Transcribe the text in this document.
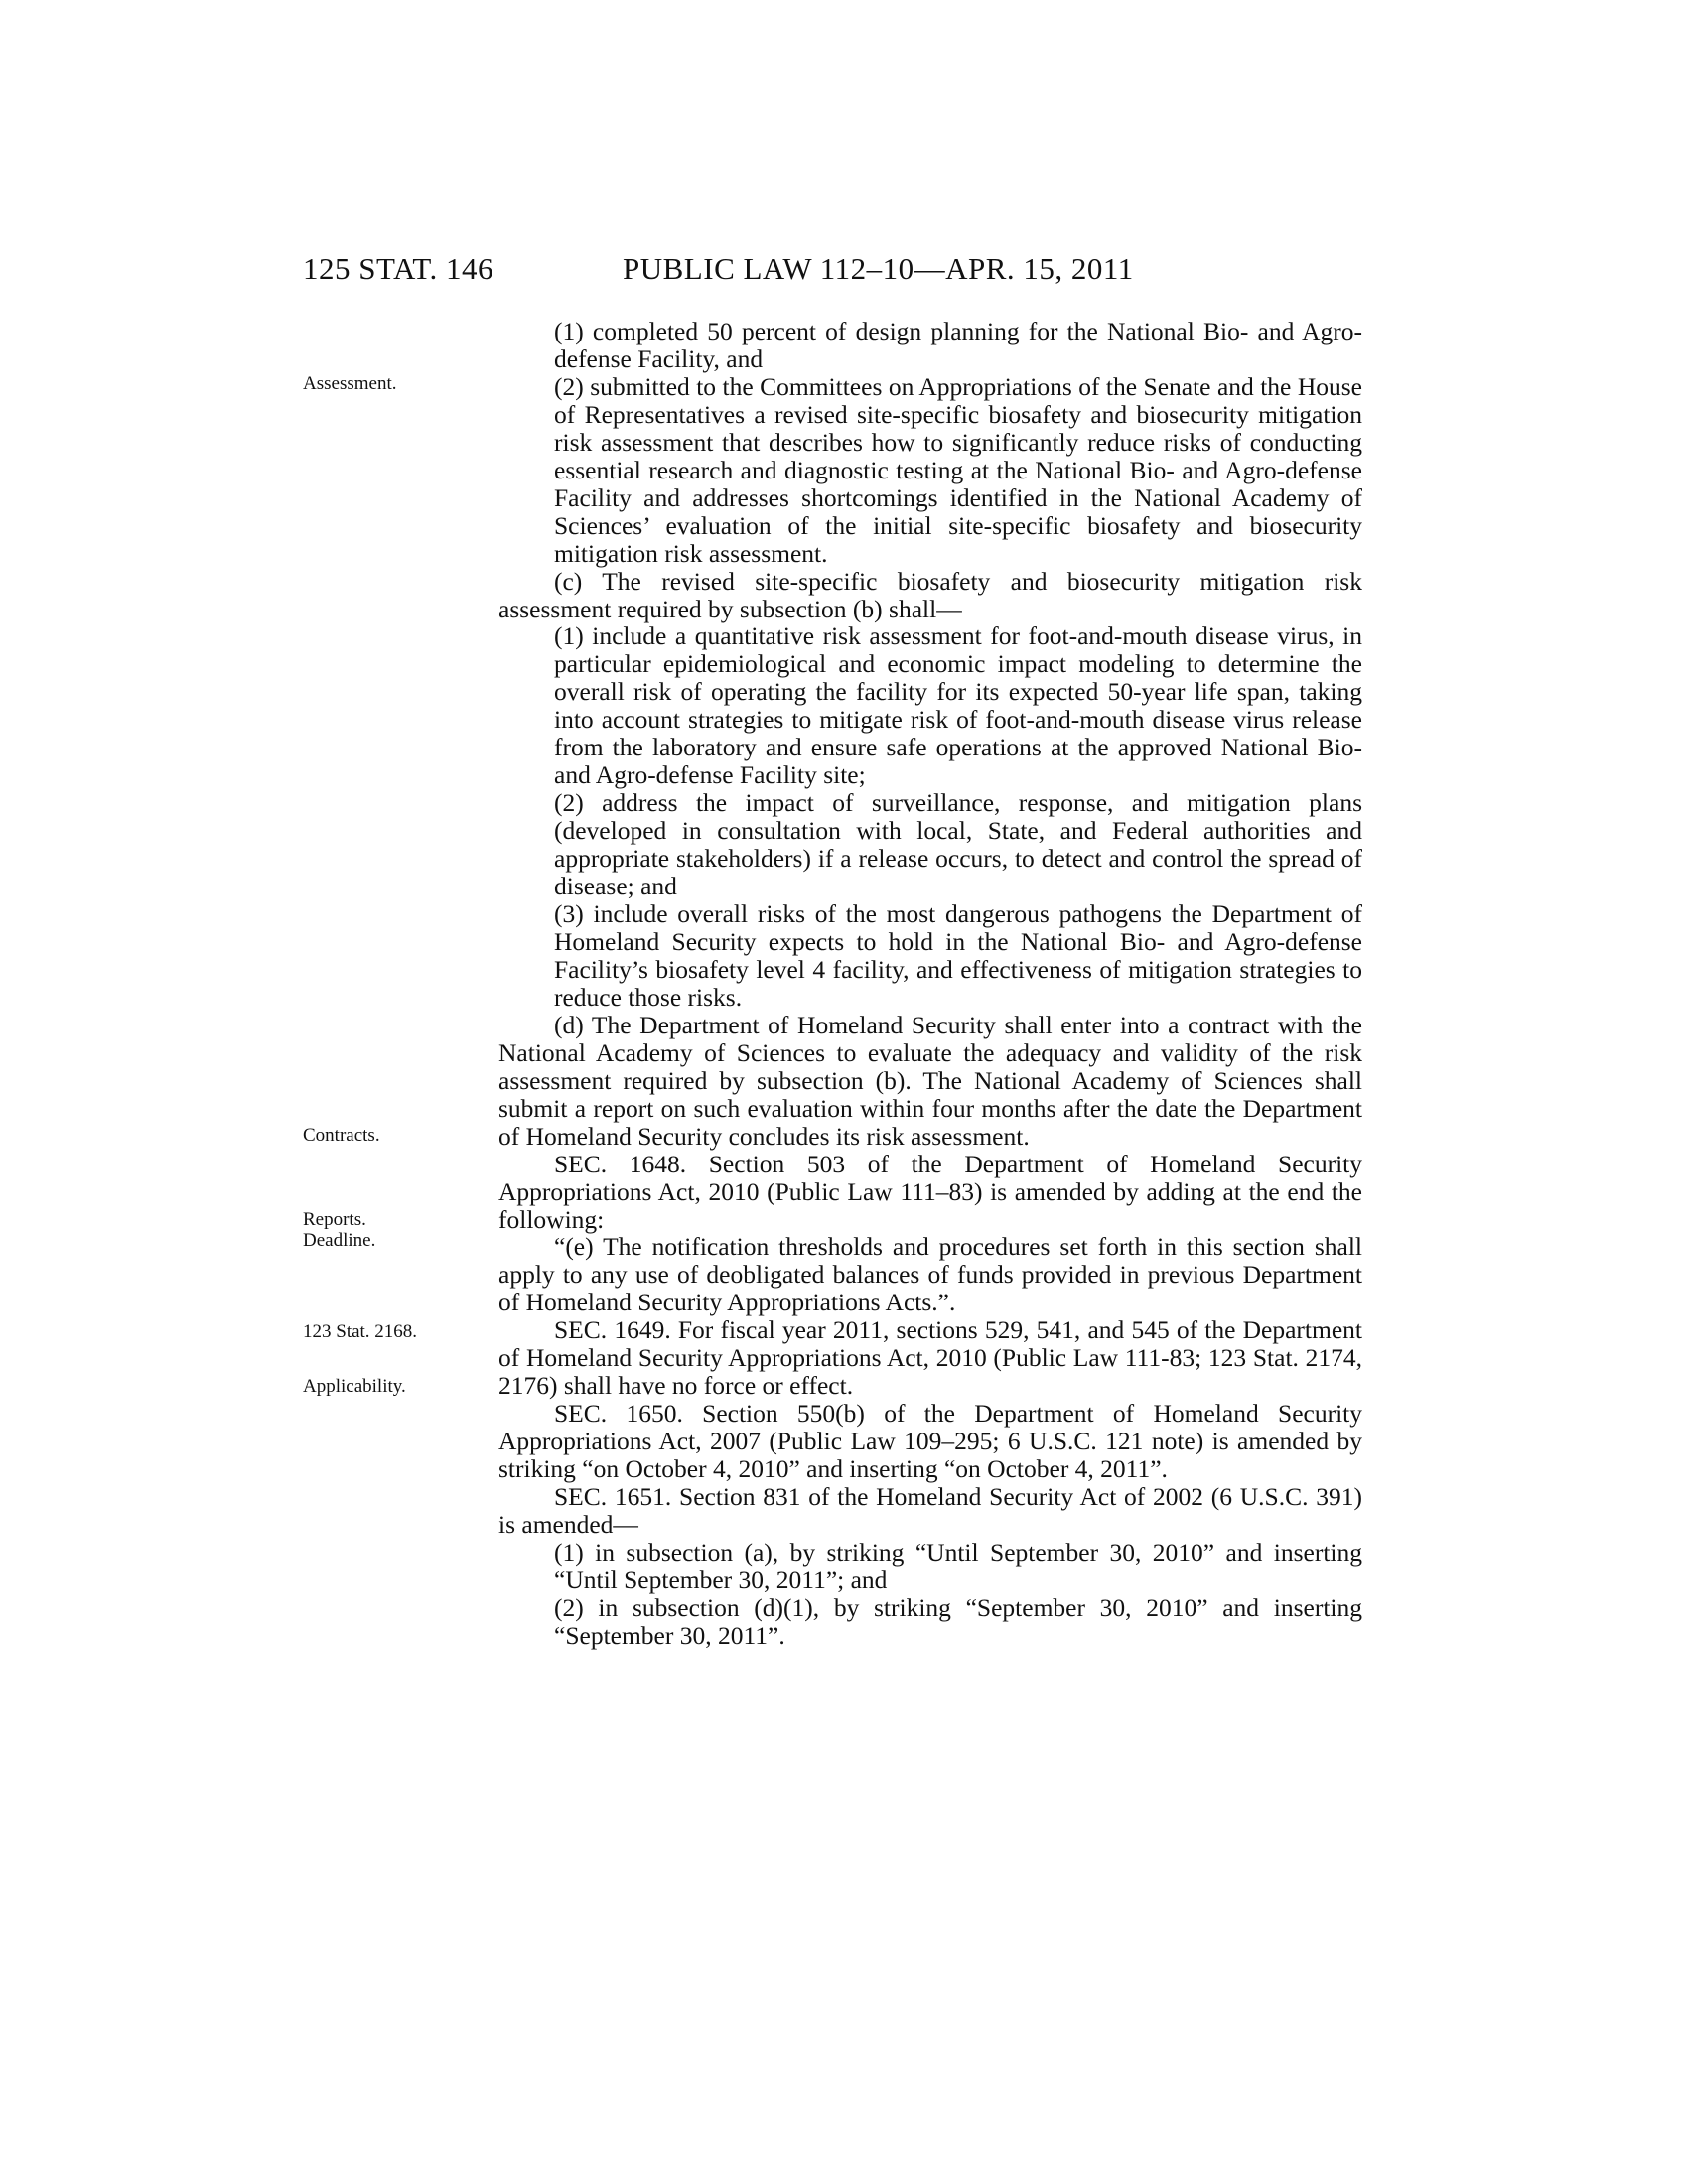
125 STAT. 146	PUBLIC LAW 112–10—APR. 15, 2011
Assessment.
Contracts.
Reports.
Deadline.
123 Stat. 2168.
Applicability.

(1) completed 50 percent of design planning for the National Bio- and Agro-defense Facility, and

(2) submitted to the Committees on Appropriations of the Senate and the House of Representatives a revised site-specific biosafety and biosecurity mitigation risk assessment that describes how to significantly reduce risks of conducting essential research and diagnostic testing at the National Bio- and Agro-defense Facility and addresses shortcomings identified in the National Academy of Sciences’ evaluation of the initial site-specific biosafety and biosecurity mitigation risk assessment.

(c) The revised site-specific biosafety and biosecurity mitigation risk assessment required by subsection (b) shall—

(1) include a quantitative risk assessment for foot-and-mouth disease virus, in particular epidemiological and economic impact modeling to determine the overall risk of operating the facility for its expected 50-year life span, taking into account strategies to mitigate risk of foot-and-mouth disease virus release from the laboratory and ensure safe operations at the approved National Bio- and Agro-defense Facility site;

(2) address the impact of surveillance, response, and mitigation plans (developed in consultation with local, State, and Federal authorities and appropriate stakeholders) if a release occurs, to detect and control the spread of disease; and

(3) include overall risks of the most dangerous pathogens the Department of Homeland Security expects to hold in the National Bio- and Agro-defense Facility’s biosafety level 4 facility, and effectiveness of mitigation strategies to reduce those risks.

(d) The Department of Homeland Security shall enter into a contract with the National Academy of Sciences to evaluate the adequacy and validity of the risk assessment required by subsection (b). The National Academy of Sciences shall submit a report on such evaluation within four months after the date the Department of Homeland Security concludes its risk assessment.

SEC. 1648. Section 503 of the Department of Homeland Security Appropriations Act, 2010 (Public Law 111–83) is amended by adding at the end the following:

“(e) The notification thresholds and procedures set forth in this section shall apply to any use of deobligated balances of funds provided in previous Department of Homeland Security Appropriations Acts.”.

SEC. 1649. For fiscal year 2011, sections 529, 541, and 545 of the Department of Homeland Security Appropriations Act, 2010 (Public Law 111-83; 123 Stat. 2174, 2176) shall have no force or effect.

SEC. 1650. Section 550(b) of the Department of Homeland Security Appropriations Act, 2007 (Public Law 109–295; 6 U.S.C. 121 note) is amended by striking “on October 4, 2010” and inserting “on October 4, 2011”.

SEC. 1651. Section 831 of the Homeland Security Act of 2002 (6 U.S.C. 391) is amended—

(1) in subsection (a), by striking “Until September 30, 2010” and inserting “Until September 30, 2011”; and

(2) in subsection (d)(1), by striking “September 30, 2010” and inserting “September 30, 2011”.
